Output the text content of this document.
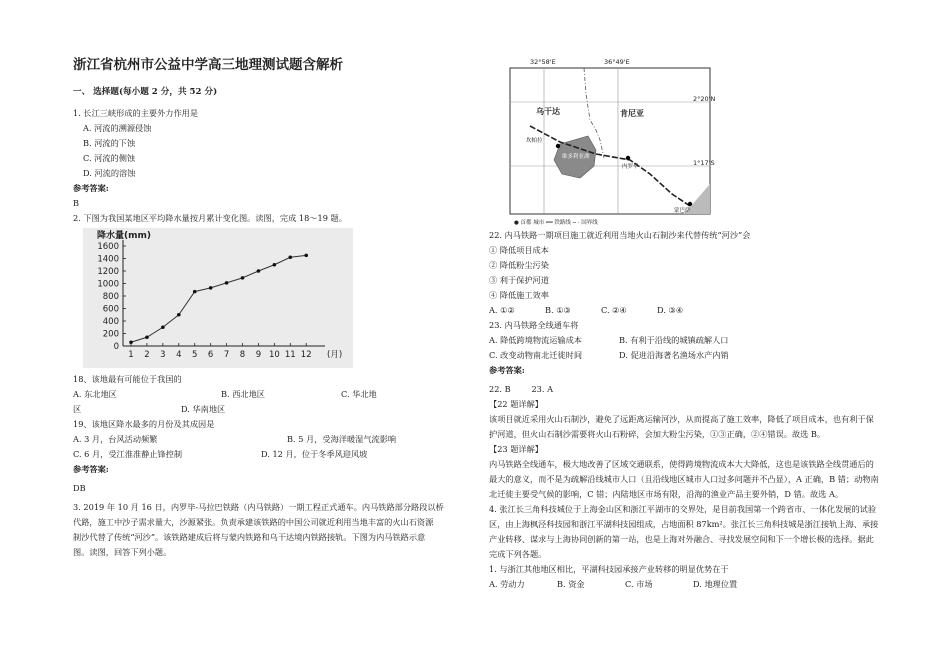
浙江省杭州市公益中学高三地理测试题含解析
一、 选择题(每小题 2 分，共 52 分)
1. 长江三峡形成的主要外力作用是
A. 河流的溯源侵蚀
B. 河流的下蚀
C. 河流的侧蚀
D. 河流的溶蚀
参考答案:
B
2. 下图为我国某地区平均降水量按月累计变化图。读图，完成 18～19 题。
降水量(mm)
0
200
400
600
800
1000
1200
1400
1600
1 2 3 4 5 6 7 8 9 10 11 12 (月)
18、该地最有可能位于我国的
A. 东北地区	B. 西北地区	C. 华北地
区	D. 华南地区
19、该地区降水最多的月份及其成因是
A. 3 月，台风活动频繁	B. 5 月，受海洋暖湿气流影响
C. 6 月，受江淮准静止锋控制	D. 12 月，位于冬季风迎风坡
参考答案:
DB
3. 2019 年 10 月 16 日，内罗毕-马拉巴铁路（内马铁路）一期工程正式通车。内马铁路部分路段以桥
代路，施工中沙子需求量大，沙源紧张。负责承建该铁路的中国公司就近利用当地丰富的火山石资源
制沙代替了传统“河沙”。该铁路建成后将与蒙内铁路和乌干达境内铁路接轨。下图为内马铁路示意
图。读图，回答下列小题。
32°58'E	36°49'E
2°20'N
1°17'S
乌干达	肯尼亚
坎帕拉
维多利亚湖
内罗毕
蒙巴萨
● 首都 城市 ━━ 铁路线 ─ · 国界线
22. 内马铁路一期项目施工就近利用当地火山石制沙来代替传统“河沙”会
① 降低项目成本
② 降低粉尘污染
③ 利于保护河道
④ 降低施工效率
A. ①②	B. ①③	C. ②④	D. ③④
23. 内马铁路全线通车将
A. 降低跨境物流运输成本	B. 有利于沿线的城镇疏解人口
C. 改变动物南北迁徙时间	D. 促进沿海著名渔场水产内销
参考答案:
22. B        23. A
【22 题详解】
该项目就近采用火山石制沙，避免了远距离运输河沙，从而提高了施工效率，降低了项目成本，也有利于保护河道，但火山石制沙需要将火山石粉碎，会加大粉尘污染，①③正确，②④错误。故选 B。
【23 题详解】
内马铁路全线通车，极大地改善了区域交通联系，使得跨境物流成本大大降低，这也是该铁路全线贯通后的最大的意义，而不是为疏解沿线城市人口（且沿线地区城市人口过多问题并不凸显），A 正确，B 错；动物南北迁徙主要受气候的影响，C 错；内陆地区市场有限，沿海的渔业产品主要外销，D 错。故选 A。
4. 张江长三角科技城位于上海金山区和浙江平湖市的交界处，是目前我国第一个跨省市、一体化发展的试验区，由上海枫泾科技园和浙江平湖科技园组成，占地面积 87km²。张江长三角科技城是浙江接轨上海、承接产业转移、谋求与上海协同创新的第一站，也是上海对外融合、寻找发展空间和下一个增长极的选择。据此完成下列各题。
1. 与浙江其他地区相比，平湖科技园承接产业转移的明显优势在于
A. 劳动力	B. 资金	C. 市场	D. 地理位置
